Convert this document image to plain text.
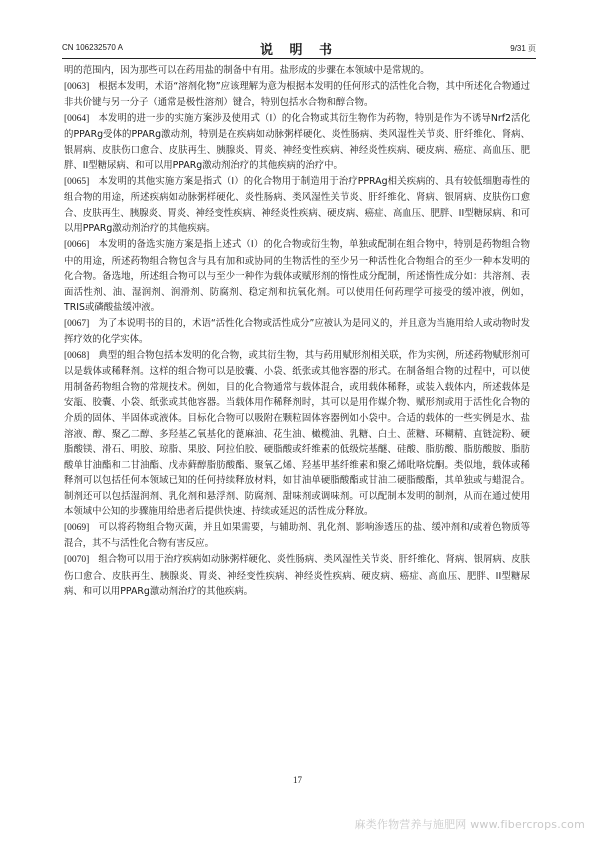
CN 106232570 A	说 明 书	9/31 页

明的范围内，因为那些可以在药用盐的制备中有用。盐形成的步骤在本领域中是常规的。

[0063] 根据本发明，术语“溶剂化物”应该理解为意为根据本发明的任何形式的活性化合物，其中所述化合物通过非共价键与另一分子（通常是极性溶剂）键合，特别包括水合物和醇合物。

[0064] 本发明的进一步的实施方案涉及使用式（I）的化合物或其衍生物作为药物，特别是作为不诱导Nrf2活化的PPARg受体的PPARg激动剂，特别是在疾病如动脉粥样硬化、炎性肠病、类风湿性关节炎、肝纤维化、肾病、银屑病、皮肤伤口愈合、皮肤再生、胰腺炎、胃炎、神经变性疾病、神经炎性疾病、硬皮病、癌症、高血压、肥胖、II型糖尿病、和可以用PPARg激动剂治疗的其他疾病的治疗中。

[0065] 本发明的其他实施方案是指式（I）的化合物用于制造用于治疗PPRAg相关疾病的、具有较低细胞毒性的组合物的用途，所述疾病如动脉粥样硬化、炎性肠病、类风湿性关节炎、肝纤维化、肾病、银屑病、皮肤伤口愈合、皮肤再生、胰腺炎、胃炎、神经变性疾病、神经炎性疾病、硬皮病、癌症、高血压、肥胖、II型糖尿病、和可以用PPARg激动剂治疗的其他疾病。

[0066] 本发明的备选实施方案是指上述式（I）的化合物或衍生物，单独或配制在组合物中，特别是药物组合物中的用途，所述药物组合物包含与具有加和或协同的生物活性的至少另一种活性化合物组合的至少一种本发明的化合物。备选地，所述组合物可以与至少一种作为载体或赋形剂的惰性成分配制，所述惰性成分如：共溶剂、表面活性剂、油、湿润剂、润滑剂、防腐剂、稳定剂和抗氧化剂。可以使用任何药理学可接受的缓冲液，例如，TRIS或磷酸盐缓冲液。

[0067] 为了本说明书的目的，术语“活性化合物或活性成分”应被认为是同义的，并且意为当施用给人或动物时发挥疗效的化学实体。

[0068] 典型的组合物包括本发明的化合物，或其衍生物，其与药用赋形剂相关联，作为实例，所述药物赋形剂可以是载体或稀释剂。这样的组合物可以是胶囊、小袋、纸张或其他容器的形式。在制备组合物的过程中，可以使用制备药物组合物的常规技术。例如，目的化合物通常与载体混合，或用载体稀释，或装入载体内，所述载体是安瓿、胶囊、小袋、纸张或其他容器。当载体用作稀释剂时，其可以是用作媒介物、赋形剂或用于活性化合物的介质的固体、半固体或液体。目标化合物可以吸附在颗粒固体容器例如小袋中。合适的载体的一些实例是水、盐溶液、醇、聚乙二醇、多羟基乙氧基化的蓖麻油、花生油、橄榄油、乳糖、白土、蔗糖、环糊精、直链淀粉、硬脂酸镁、滑石、明胶、琼脂、果胶、阿拉伯胶、硬脂酸或纤维素的低级烷基醚、硅酸、脂肪酸、脂肪酸胺、脂肪酸单甘油酯和二甘油酯、戊赤藓醇脂肪酸酯、聚氧乙烯、羟基甲基纤维素和聚乙烯吡咯烷酮。类似地，载体或稀释剂可以包括任何本领域已知的任何持续释放材料，如甘油单硬脂酸酯或甘油二硬脂酸酯，其单独或与蜡混合。制剂还可以包括湿润剂、乳化剂和悬浮剂、防腐剂、甜味剂或调味剂。可以配制本发明的制剂，从而在通过使用本领域中公知的步骤施用给患者后提供快速、持续或延迟的活性成分释放。

[0069] 可以将药物组合物灭菌，并且如果需要，与辅助剂、乳化剂、影响渗透压的盐、缓冲剂和/或着色物质等混合，其不与活性化合物有害反应。

[0070] 组合物可以用于治疗疾病如动脉粥样硬化、炎性肠病、类风湿性关节炎、肝纤维化、肾病、银屑病、皮肤伤口愈合、皮肤再生、胰腺炎、胃炎、神经变性疾病、神经炎性疾病、硬皮病、癌症、高血压、肥胖、II型糖尿病、和可以用PPARg激动剂治疗的其他疾病。

17
麻类作物营养与施肥网 www.fibercrops.com
